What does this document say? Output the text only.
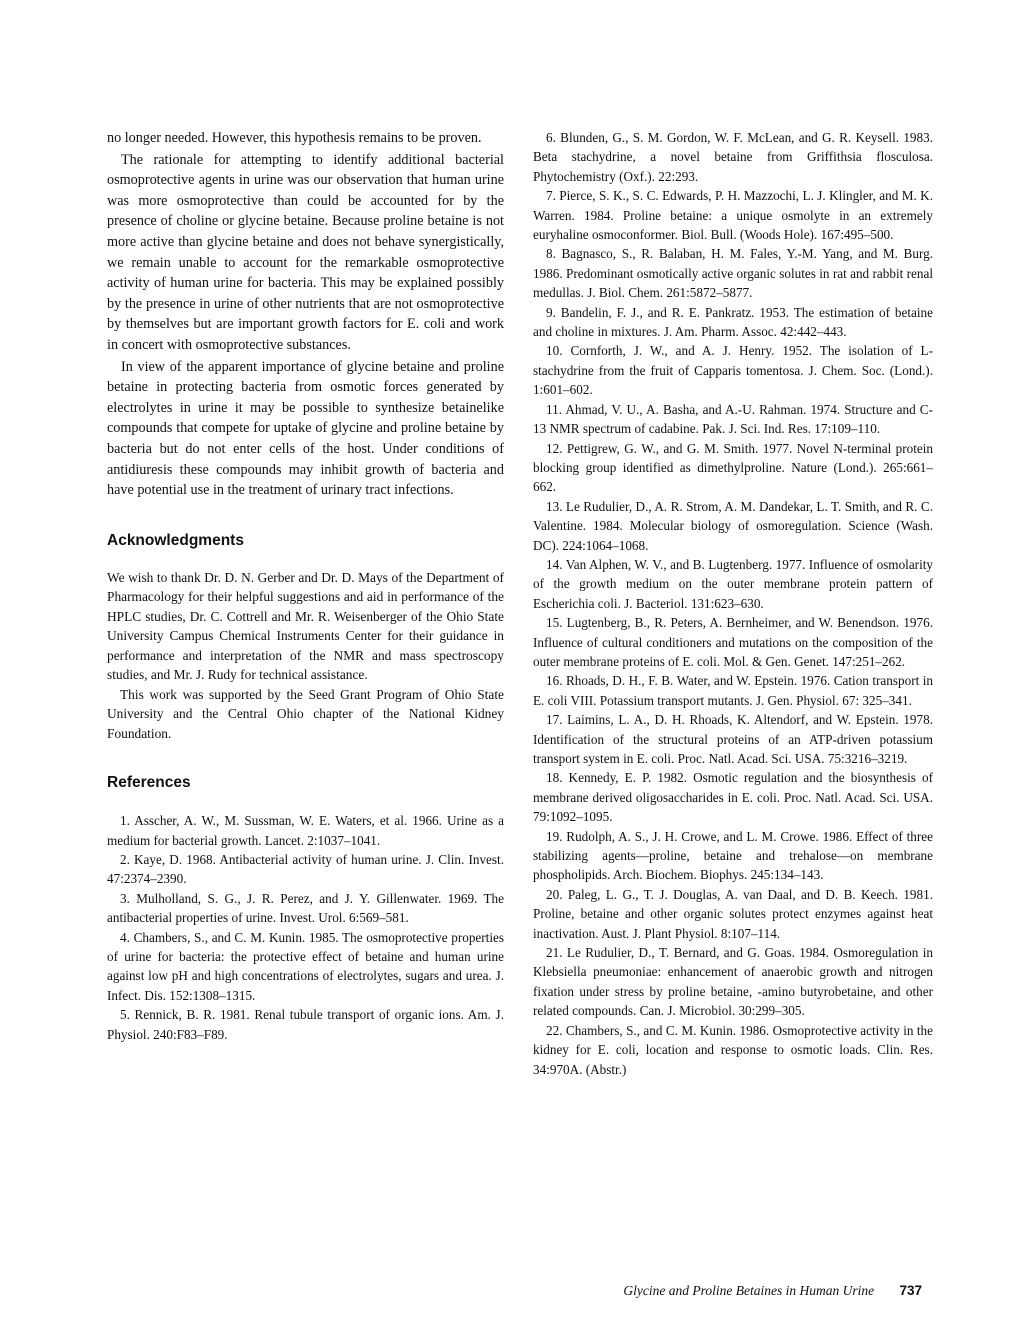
no longer needed. However, this hypothesis remains to be proven.

The rationale for attempting to identify additional bacterial osmoprotective agents in urine was our observation that human urine was more osmoprotective than could be accounted for by the presence of choline or glycine betaine. Because proline betaine is not more active than glycine betaine and does not behave synergistically, we remain unable to account for the remarkable osmoprotective activity of human urine for bacteria. This may be explained possibly by the presence in urine of other nutrients that are not osmoprotective by themselves but are important growth factors for E. coli and work in concert with osmoprotective substances.

In view of the apparent importance of glycine betaine and proline betaine in protecting bacteria from osmotic forces generated by electrolytes in urine it may be possible to synthesize betainelike compounds that compete for uptake of glycine and proline betaine by bacteria but do not enter cells of the host. Under conditions of antidiuresis these compounds may inhibit growth of bacteria and have potential use in the treatment of urinary tract infections.

Acknowledgments

We wish to thank Dr. D. N. Gerber and Dr. D. Mays of the Department of Pharmacology for their helpful suggestions and aid in performance of the HPLC studies, Dr. C. Cottrell and Mr. R. Weisenberger of the Ohio State University Campus Chemical Instruments Center for their guidance in performance and interpretation of the NMR and mass spectroscopy studies, and Mr. J. Rudy for technical assistance.

This work was supported by the Seed Grant Program of Ohio State University and the Central Ohio chapter of the National Kidney Foundation.

References

1. Asscher, A. W., M. Sussman, W. E. Waters, et al. 1966. Urine as a medium for bacterial growth. Lancet. 2:1037–1041.

2. Kaye, D. 1968. Antibacterial activity of human urine. J. Clin. Invest. 47:2374–2390.

3. Mulholland, S. G., J. R. Perez, and J. Y. Gillenwater. 1969. The antibacterial properties of urine. Invest. Urol. 6:569–581.

4. Chambers, S., and C. M. Kunin. 1985. The osmoprotective properties of urine for bacteria: the protective effect of betaine and human urine against low pH and high concentrations of electrolytes, sugars and urea. J. Infect. Dis. 152:1308–1315.

5. Rennick, B. R. 1981. Renal tubule transport of organic ions. Am. J. Physiol. 240:F83–F89.

6. Blunden, G., S. M. Gordon, W. F. McLean, and G. R. Keysell. 1983. Beta stachydrine, a novel betaine from Griffithsia flosculosa. Phytochemistry (Oxf.). 22:293.

7. Pierce, S. K., S. C. Edwards, P. H. Mazzochi, L. J. Klingler, and M. K. Warren. 1984. Proline betaine: a unique osmolyte in an extremely euryhaline osmoconformer. Biol. Bull. (Woods Hole). 167:495–500.

8. Bagnasco, S., R. Balaban, H. M. Fales, Y.-M. Yang, and M. Burg. 1986. Predominant osmotically active organic solutes in rat and rabbit renal medullas. J. Biol. Chem. 261:5872–5877.

9. Bandelin, F. J., and R. E. Pankratz. 1953. The estimation of betaine and choline in mixtures. J. Am. Pharm. Assoc. 42:442–443.

10. Cornforth, J. W., and A. J. Henry. 1952. The isolation of L-stachydrine from the fruit of Capparis tomentosa. J. Chem. Soc. (Lond.). 1:601–602.

11. Ahmad, V. U., A. Basha, and A.-U. Rahman. 1974. Structure and C-13 NMR spectrum of cadabine. Pak. J. Sci. Ind. Res. 17:109–110.

12. Pettigrew, G. W., and G. M. Smith. 1977. Novel N-terminal protein blocking group identified as dimethylproline. Nature (Lond.). 265:661–662.

13. Le Rudulier, D., A. R. Strom, A. M. Dandekar, L. T. Smith, and R. C. Valentine. 1984. Molecular biology of osmoregulation. Science (Wash. DC). 224:1064–1068.

14. Van Alphen, W. V., and B. Lugtenberg. 1977. Influence of osmolarity of the growth medium on the outer membrane protein pattern of Escherichia coli. J. Bacteriol. 131:623–630.

15. Lugtenberg, B., R. Peters, A. Bernheimer, and W. Benendson. 1976. Influence of cultural conditioners and mutations on the composition of the outer membrane proteins of E. coli. Mol. & Gen. Genet. 147:251–262.

16. Rhoads, D. H., F. B. Water, and W. Epstein. 1976. Cation transport in E. coli VIII. Potassium transport mutants. J. Gen. Physiol. 67: 325–341.

17. Laimins, L. A., D. H. Rhoads, K. Altendorf, and W. Epstein. 1978. Identification of the structural proteins of an ATP-driven potassium transport system in E. coli. Proc. Natl. Acad. Sci. USA. 75:3216–3219.

18. Kennedy, E. P. 1982. Osmotic regulation and the biosynthesis of membrane derived oligosaccharides in E. coli. Proc. Natl. Acad. Sci. USA. 79:1092–1095.

19. Rudolph, A. S., J. H. Crowe, and L. M. Crowe. 1986. Effect of three stabilizing agents—proline, betaine and trehalose—on membrane phospholipids. Arch. Biochem. Biophys. 245:134–143.

20. Paleg, L. G., T. J. Douglas, A. van Daal, and D. B. Keech. 1981. Proline, betaine and other organic solutes protect enzymes against heat inactivation. Aust. J. Plant Physiol. 8:107–114.

21. Le Rudulier, D., T. Bernard, and G. Goas. 1984. Osmoregulation in Klebsiella pneumoniae: enhancement of anaerobic growth and nitrogen fixation under stress by proline betaine, -amino butyrobetaine, and other related compounds. Can. J. Microbiol. 30:299–305.

22. Chambers, S., and C. M. Kunin. 1986. Osmoprotective activity in the kidney for E. coli, location and response to osmotic loads. Clin. Res. 34:970A. (Abstr.)

Glycine and Proline Betaines in Human Urine 737
